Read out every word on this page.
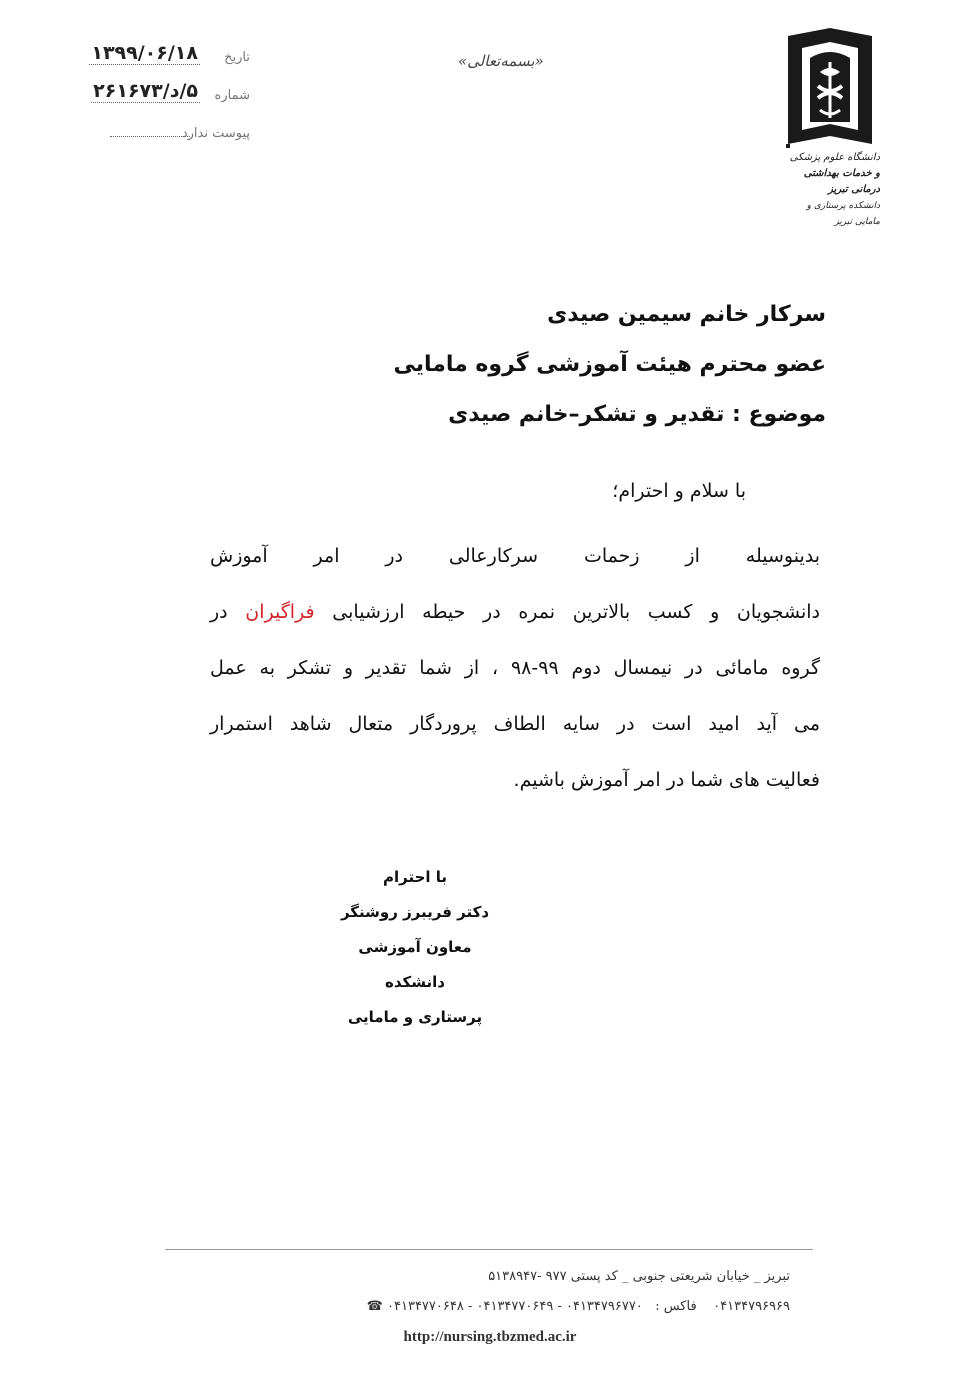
تاریخ
۱۳۹۹/۰۶/۱۸
شماره
۵/د/۲۶۱۶۷۳
پیوست ندارد
«بسمه‌تعالی»
دانشگاه علوم پزشکی
و خدمات بهداشتی درمانی تبریز
دانشکده پرستاری و مامایی تبریز
سرکار خانم سیمین صیدی
عضو محترم هیئت آموزشی گروه مامایی
موضوع : تقدیر و تشکر–خانم صیدی
با سلام و احترام؛
بدینوسیله از زحمات سرکارعالی در امر آموزش
دانشجویان و کسب بالاترین نمره در حیطه ارزشیابی فراگیران در
گروه مامائی در نیمسال دوم ۹۹-۹۸ ، از شما تقدیر و تشکر به عمل
می آید امید است در سایه الطاف پروردگار متعال شاهد استمرار
فعالیت های شما در امر آموزش باشیم.
با احترام
دکتر فریبرز روشنگر
معاون آموزشی دانشکده
پرستاری و مامایی
تبریز _ خیابان شریعتی جنوبی _ کد پستی ۹۷۷ -۵۱۳۸۹۴۷
۰۴۱۳۴۷۹۶۹۶۹    فاکس :   ۰۴۱۳۴۷۹۶۷۷۰ - ۰۴۱۳۴۷۷۰۶۴۹ - ۰۴۱۳۴۷۷۰۶۴۸ ☎
http://nursing.tbzmed.ac.ir
